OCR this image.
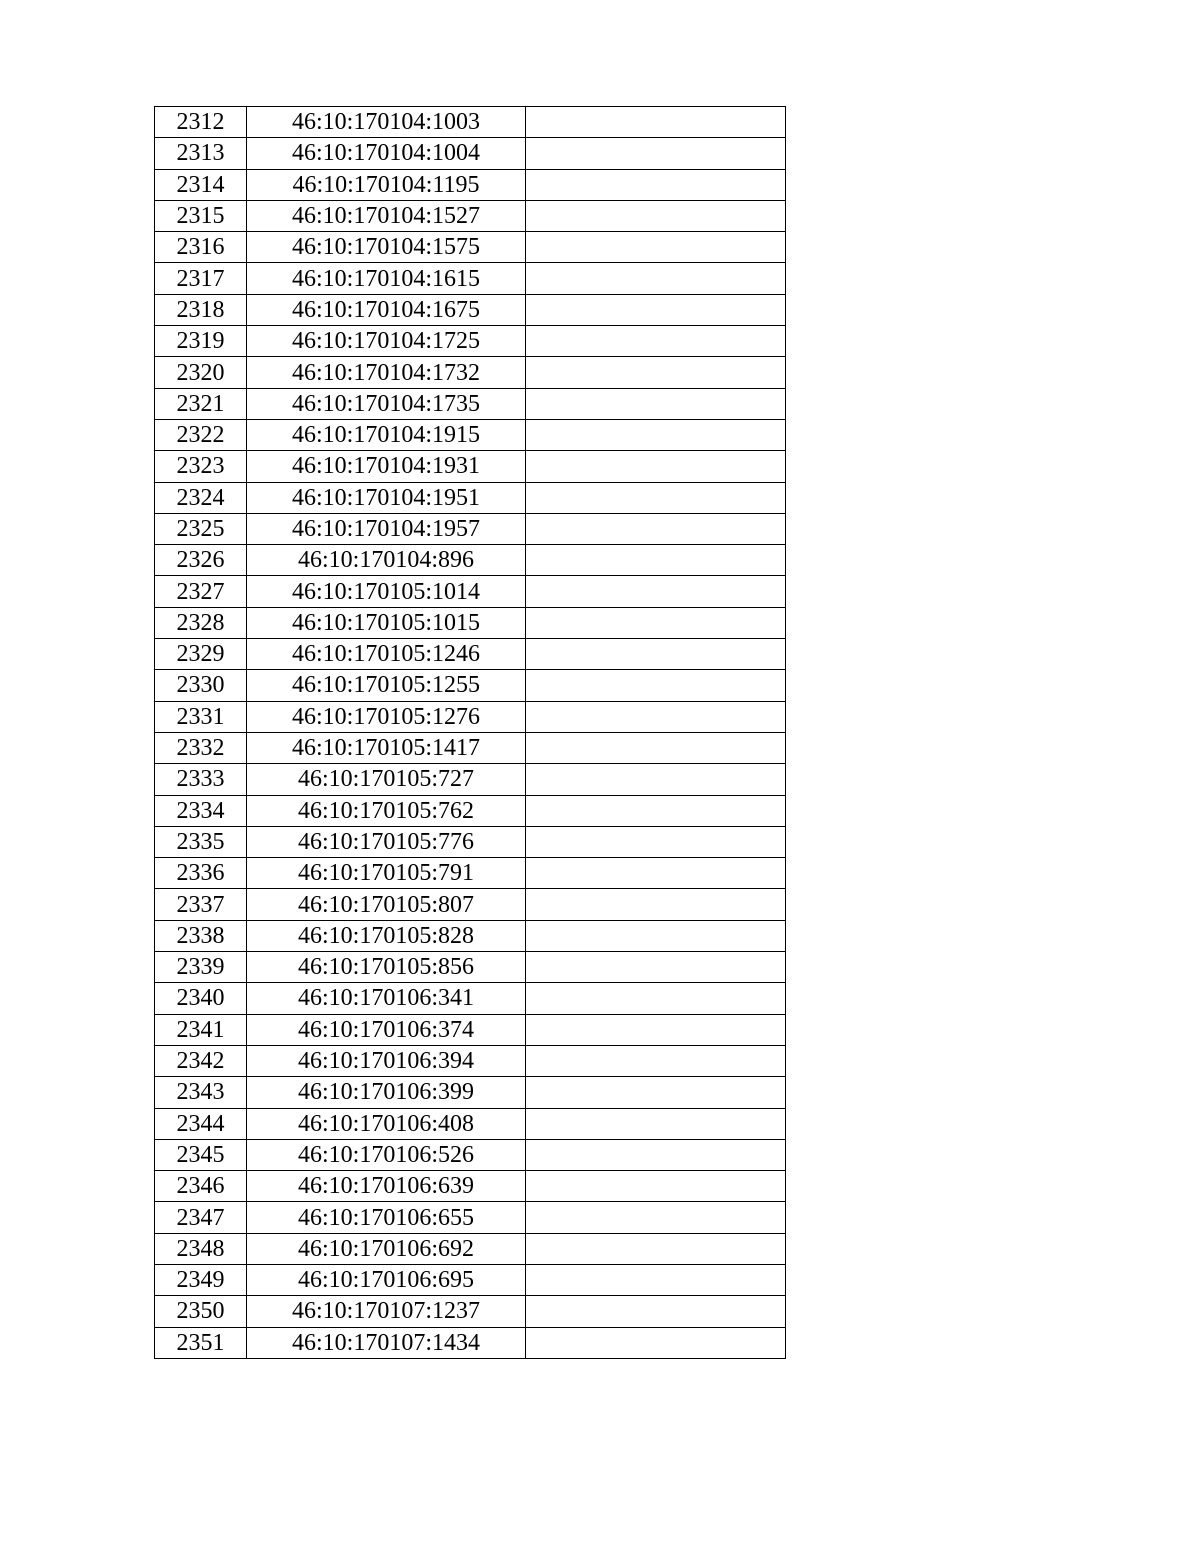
2312	46:10:170104:1003	
2313	46:10:170104:1004	
2314	46:10:170104:1195	
2315	46:10:170104:1527	
2316	46:10:170104:1575	
2317	46:10:170104:1615	
2318	46:10:170104:1675	
2319	46:10:170104:1725	
2320	46:10:170104:1732	
2321	46:10:170104:1735	
2322	46:10:170104:1915	
2323	46:10:170104:1931	
2324	46:10:170104:1951	
2325	46:10:170104:1957	
2326	46:10:170104:896	
2327	46:10:170105:1014	
2328	46:10:170105:1015	
2329	46:10:170105:1246	
2330	46:10:170105:1255	
2331	46:10:170105:1276	
2332	46:10:170105:1417	
2333	46:10:170105:727	
2334	46:10:170105:762	
2335	46:10:170105:776	
2336	46:10:170105:791	
2337	46:10:170105:807	
2338	46:10:170105:828	
2339	46:10:170105:856	
2340	46:10:170106:341	
2341	46:10:170106:374	
2342	46:10:170106:394	
2343	46:10:170106:399	
2344	46:10:170106:408	
2345	46:10:170106:526	
2346	46:10:170106:639	
2347	46:10:170106:655	
2348	46:10:170106:692	
2349	46:10:170106:695	
2350	46:10:170107:1237	
2351	46:10:170107:1434	
